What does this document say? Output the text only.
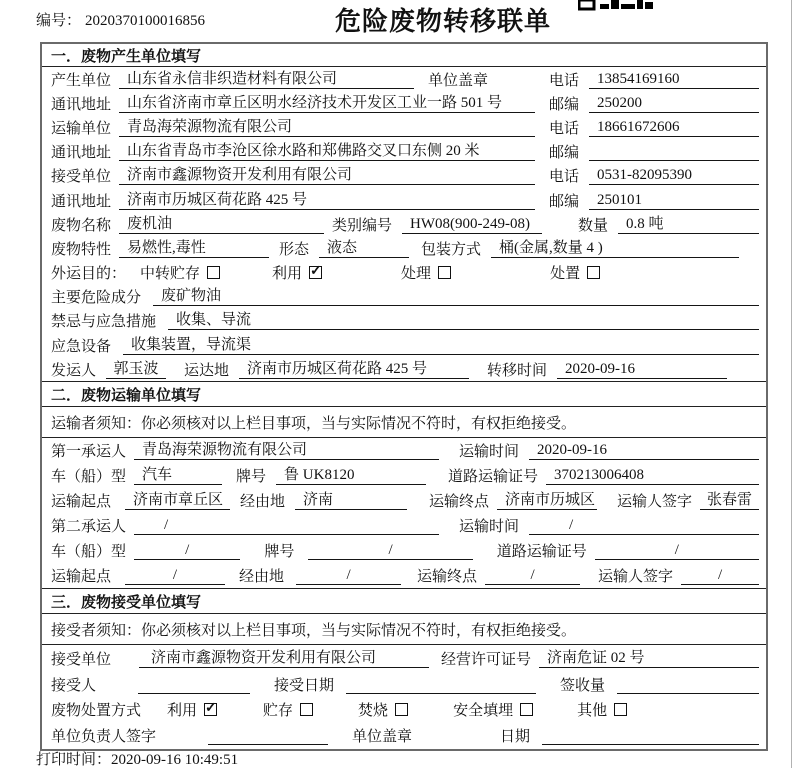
编号： 2020370100016856	危险废物转移联单
一．废物产生单位填写
产生单位	山东省永信非织造材料有限公司	单位盖章	电话	13854169160
通讯地址	山东省济南市章丘区明水经济技术开发区工业一路 501 号	邮编	250200
运输单位	青岛海荣源物流有限公司	电话	18661672606
通讯地址	山东省青岛市李沧区徐水路和郑佛路交叉口东侧 20 米	邮编
接受单位	济南市鑫源物资开发利用有限公司	电话	0531-82095390
通讯地址	济南市历城区荷花路 425 号	邮编	250101
废物名称	废机油	类别编号	HW08(900-249-08)	数量	0.8 吨
废物特性	易燃性,毒性	形态	液态	包装方式	桶(金属,数量 4 )
外运目的： 中转贮存	利用 ✓	处理	处置
主要危险成分	废矿物油
禁忌与应急措施	收集、导流
应急设备	收集装置，导流渠
发运人	郭玉波	运达地	济南市历城区荷花路 425 号	转移时间	2020-09-16
二．废物运输单位填写
运输者须知：你必须核对以上栏目事项，当与实际情况不符时，有权拒绝接受。
第一承运人	青岛海荣源物流有限公司	运输时间	2020-09-16
车（船）型	汽车	牌号	鲁 UK8120	道路运输证号	370213006408
运输起点	济南市章丘区	经由地	济南	运输终点	济南市历城区 运输人签字 张春雷
第二承运人	/	运输时间	/
车（船）型	/	牌号	/	道路运输证号	/
运输起点	/	经由地	/	运输终点	/	运输人签字	/
三．废物接受单位填写
接受者须知：你必须核对以上栏目事项，当与实际情况不符时，有权拒绝接受。
接受单位	济南市鑫源物资开发利用有限公司	经营许可证号	济南危证 02 号
接受人	接受日期	签收量
废物处置方式 利用 ✓	贮存	焚烧	安全填埋	其他
单位负责人签字	单位盖章	日期
打印时间：2020-09-16 10:49:51
